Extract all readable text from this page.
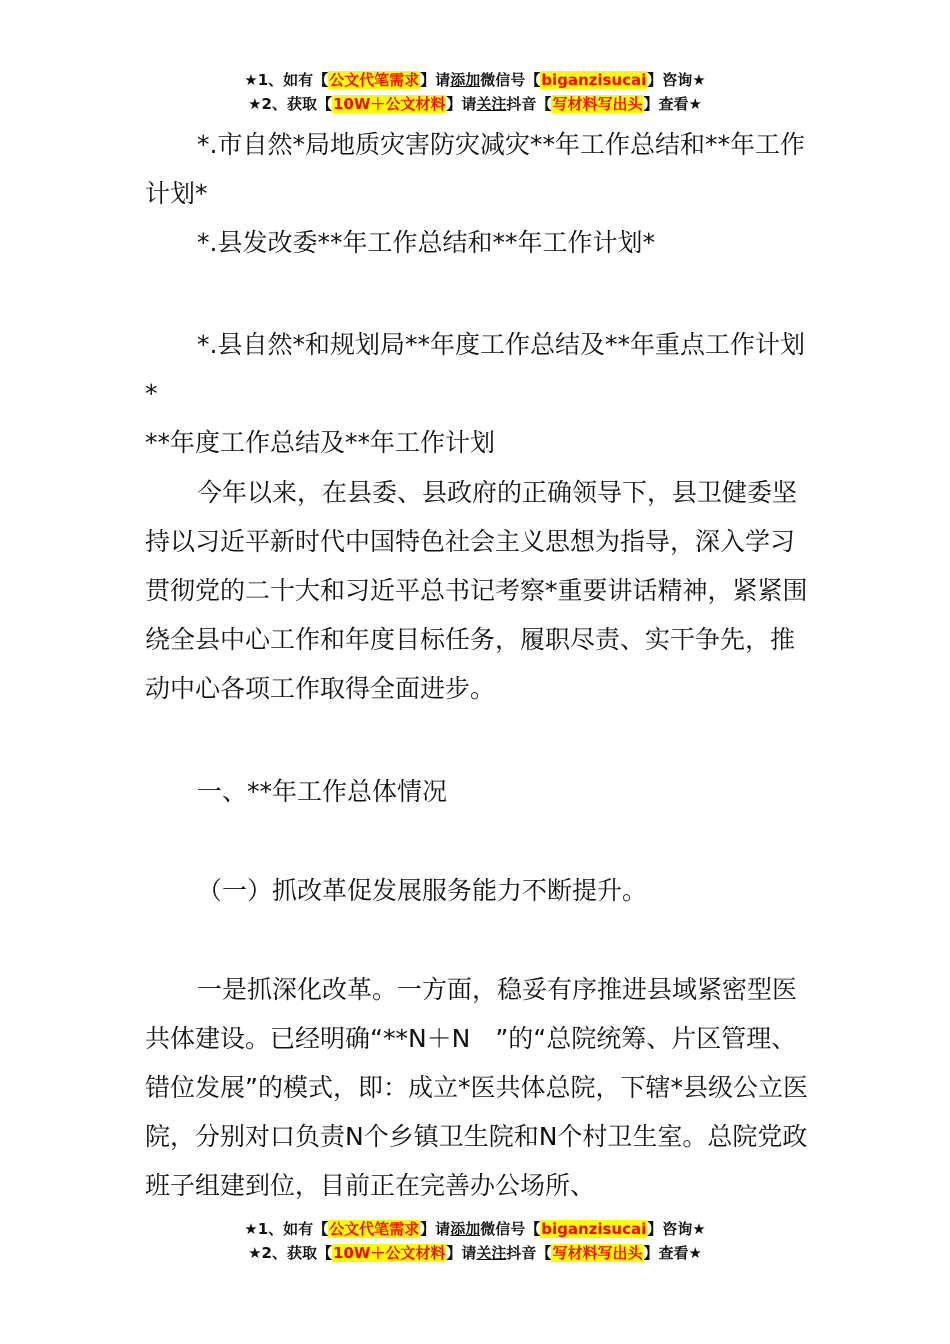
★1、如有【公文代笔需求】请添加微信号【biganzisucai】咨询★
★2、获取【10W＋公文材料】请关注抖音【写材料写出头】查看★

*.市自然*局地质灾害防灾减灾**年工作总结和**年工作计划*

*.县发改委**年工作总结和**年工作计划*

*.县自然*和规划局**年度工作总结及**年重点工作计划*

**年度工作总结及**年工作计划

今年以来，在县委、县政府的正确领导下，县卫健委坚持以习近平新时代中国特色社会主义思想为指导，深入学习贯彻党的二十大和习近平总书记考察*重要讲话精神，紧紧围绕全县中心工作和年度目标任务，履职尽责、实干争先，推动中心各项工作取得全面进步。

一、**年工作总体情况

（一）抓改革促发展服务能力不断提升。

一是抓深化改革。一方面，稳妥有序推进县域紧密型医共体建设。已经明确“**N＋N　”的“总院统筹、片区管理、错位发展”的模式，即：成立*医共体总院，下辖*县级公立医院，分别对口负责N个乡镇卫生院和N个村卫生室。总院党政班子组建到位，目前正在完善办公场所、

★1、如有【公文代笔需求】请添加微信号【biganzisucai】咨询★
★2、获取【10W＋公文材料】请关注抖音【写材料写出头】查看★
